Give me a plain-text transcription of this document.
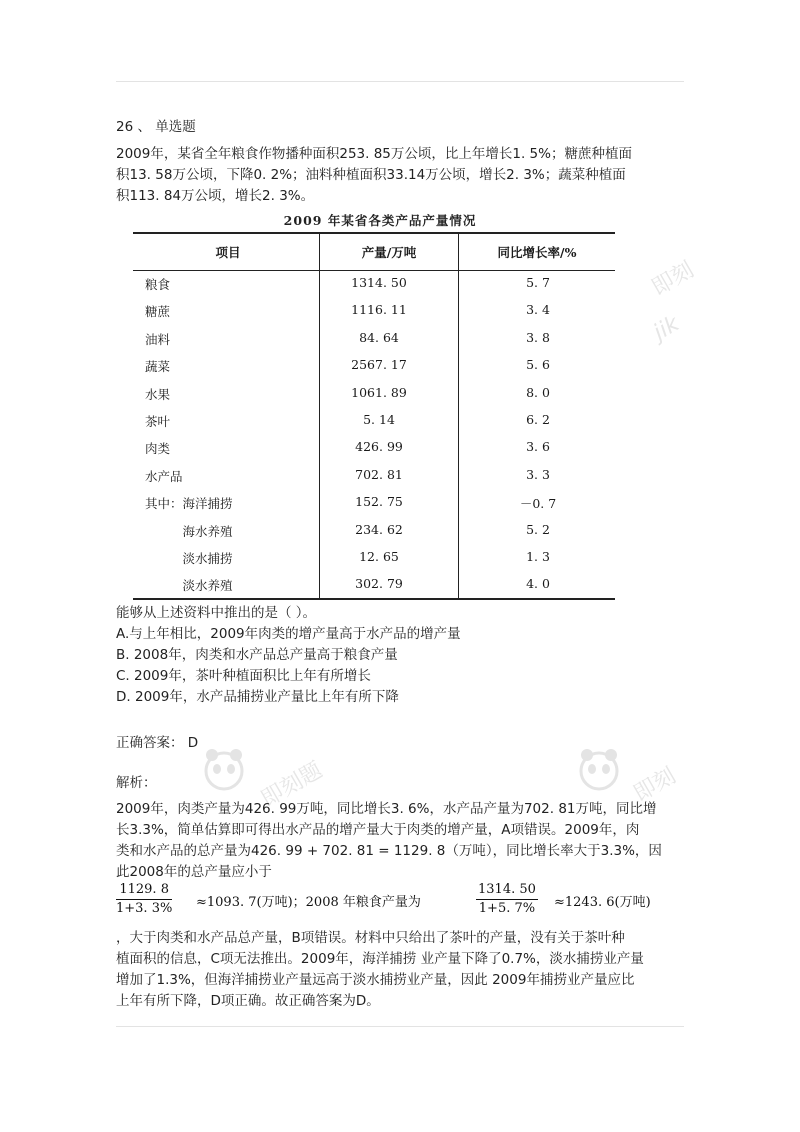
26 、 单选题
2009年，某省全年粮食作物播种面积253. 85万公顷，比上年增长1. 5%；糖蔗种植面
积13. 58万公顷，下降0. 2%；油料种植面积33.14万公顷，增长2. 3%；蔬菜种植面
积113. 84万公顷，增长2. 3%。
2009 年某省各类产品产量情况
项目	产量/万吨	同比增长率/%
粮食	1314. 50	5. 7
糖蔗	1116. 11	3. 4
油料	84. 64	3. 8
蔬菜	2567. 17	5. 6
水果	1061. 89	8. 0
茶叶	5. 14	6. 2
肉类	426. 99	3. 6
水产品	702. 81	3. 3
其中：海洋捕捞	152. 75	－0. 7
　　　海水养殖	234. 62	5. 2
　　　淡水捕捞	12. 65	1. 3
　　　淡水养殖	302. 79	4. 0
即刻
jik
能够从上述资料中推出的是（ ）。
A.与上年相比，2009年肉类的增产量高于水产品的增产量
B. 2008年，肉类和水产品总产量高于粮食产量
C. 2009年，茶叶种植面积比上年有所增长
D. 2009年，水产品捕捞业产量比上年有所下降
正确答案： D
即刻题	即刻
解析：
2009年，肉类产量为426. 99万吨，同比增长3. 6%，水产品产量为702. 81万吨，同比增
长3.3%，简单估算即可得出水产品的增产量大于肉类的增产量，A项错误。2009年，肉
类和水产品的总产量为426. 99 + 702. 81 = 1129. 8（万吨），同比增长率大于3.3%，因
此2008年的总产量应小于
$\frac{1129. 8}{1+3. 3\%} \approx 1093$. 7(万吨)；2008 年粮食产量为	$\frac{1314. 50}{1+5. 7\%} \approx 1243$. 6(万吨)
，大于肉类和水产品总产量，B项错误。材料中只给出了茶叶的产量，没有关于茶叶种
植面积的信息，C项无法推出。2009年，海洋捕捞 业产量下降了0.7%，淡水捕捞业产量
增加了1.3%，但海洋捕捞业产量远高于淡水捕捞业产量，因此 2009年捕捞业产量应比
上年有所下降，D项正确。故正确答案为D。
